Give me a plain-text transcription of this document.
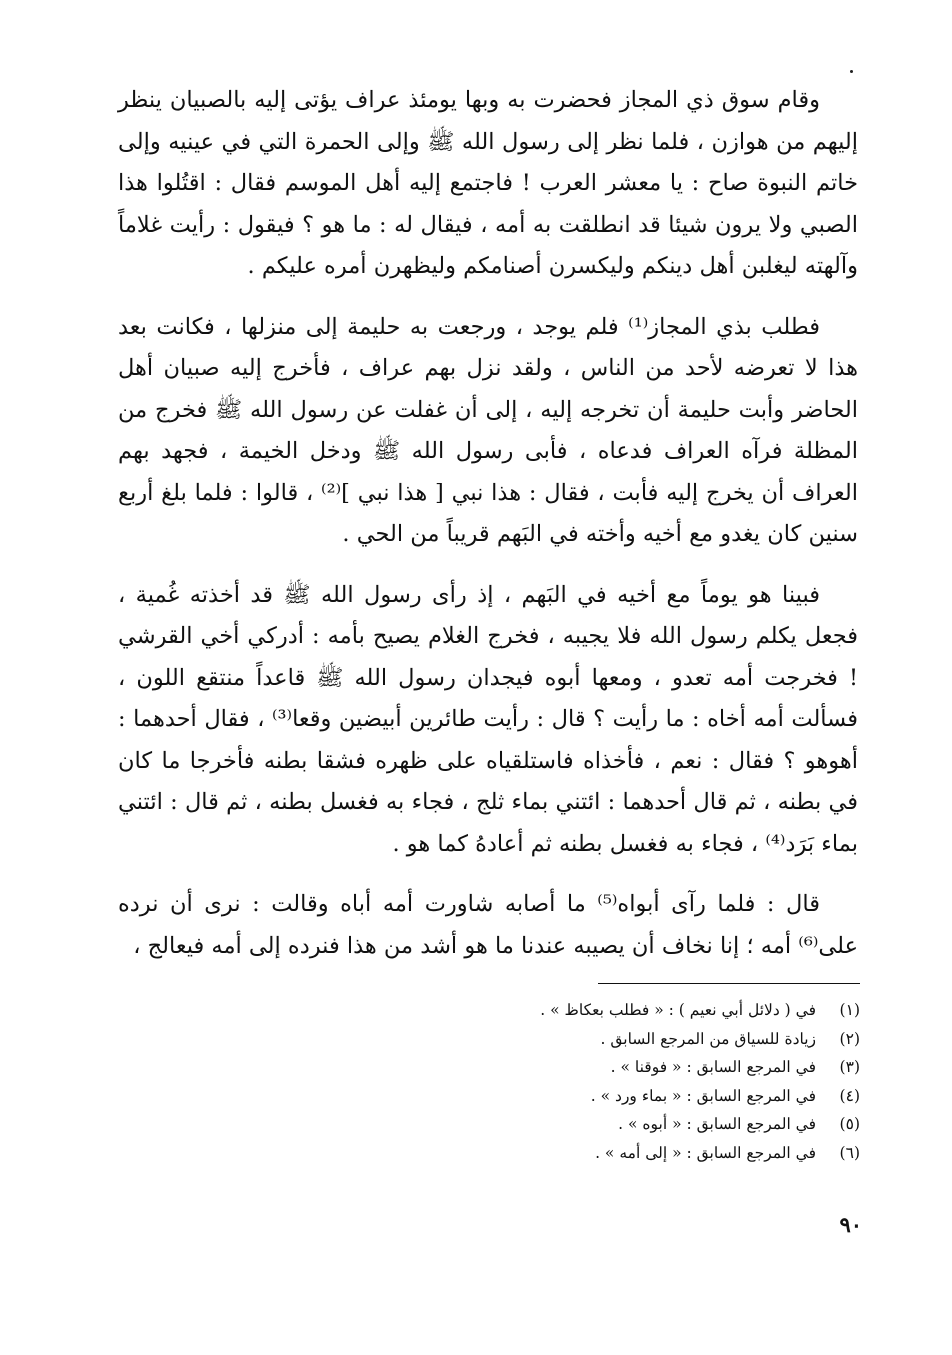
وقام سوق ذي المجاز فحضرت به وبها يومئذ عراف يؤتى إليه بالصبيان ينظر إليهم من هوازن ، فلما نظر إلى رسول الله ﷺ وإلى الحمرة التي في عينيه وإلى خاتم النبوة صاح : يا معشر العرب ! فاجتمع إليه أهل الموسم فقال : اقتُلوا هذا الصبي ولا يرون شيئا قد انطلقت به أمه ، فيقال له : ما هو ؟ فيقول : رأيت غلاماً وآلهته ليغلبن أهل دينكم وليكسرن أصنامكم وليظهرن أمره عليكم .

فطلب بذي المجاز⁽¹⁾ فلم يوجد ، ورجعت به حليمة إلى منزلها ، فكانت بعد هذا لا تعرضه لأحد من الناس ، ولقد نزل بهم عراف ، فأخرج إليه صبيان أهل الحاضر وأبت حليمة أن تخرجه إليه ، إلى أن غفلت عن رسول الله ﷺ فخرج من المظلة فرآه العراف فدعاه ، فأبى رسول الله ﷺ ودخل الخيمة ، فجهد بهم العراف أن يخرج إليه فأبت ، فقال : هذا نبي [ هذا نبي ]⁽²⁾ ، قالوا : فلما بلغ أربع سنين كان يغدو مع أخيه وأخته في البَهم قريباً من الحي .

فبينا هو يوماً مع أخيه في البَهم ، إذ رأى رسول الله ﷺ قد أخذته غُمية ، فجعل يكلم رسول الله فلا يجيبه ، فخرج الغلام يصيح بأمه : أدركي أخي القرشي ! فخرجت أمه تعدو ، ومعها أبوه فيجدان رسول الله ﷺ قاعداً منتقع اللون ، فسألت أمه أخاه : ما رأيت ؟ قال : رأيت طائرين أبيضين وقعا⁽³⁾ ، فقال أحدهما : أهوهو ؟ فقال : نعم ، فأخذاه فاستلقياه على ظهره فشقا بطنه فأخرجا ما كان في بطنه ، ثم قال أحدهما : ائتني بماء ثلج ، فجاء به فغسل بطنه ، ثم قال : ائتني بماء بَرَد⁽⁴⁾ ، فجاء به فغسل بطنه ثم أعادهُ كما هو .

قال : فلما رآى أبواه⁽⁵⁾ ما أصابه شاورت أمه أباه وقالت : نرى أن نرده على⁽⁶⁾ أمه ؛ إنا نخاف أن يصيبه عندنا ما هو أشد من هذا فنرده إلى أمه فيعالج ،

(١)
في ( دلائل أبي نعيم ) : « فطلب بعكاظ » .
(٢)
زيادة للسياق من المرجع السابق .
(٣)
في المرجع السابق : « فوقنا » .
(٤)
في المرجع السابق : « بماء ورد » .
(٥)
في المرجع السابق : « أبوه » .
(٦)
في المرجع السابق : « إلى أمه » .
٩٠
